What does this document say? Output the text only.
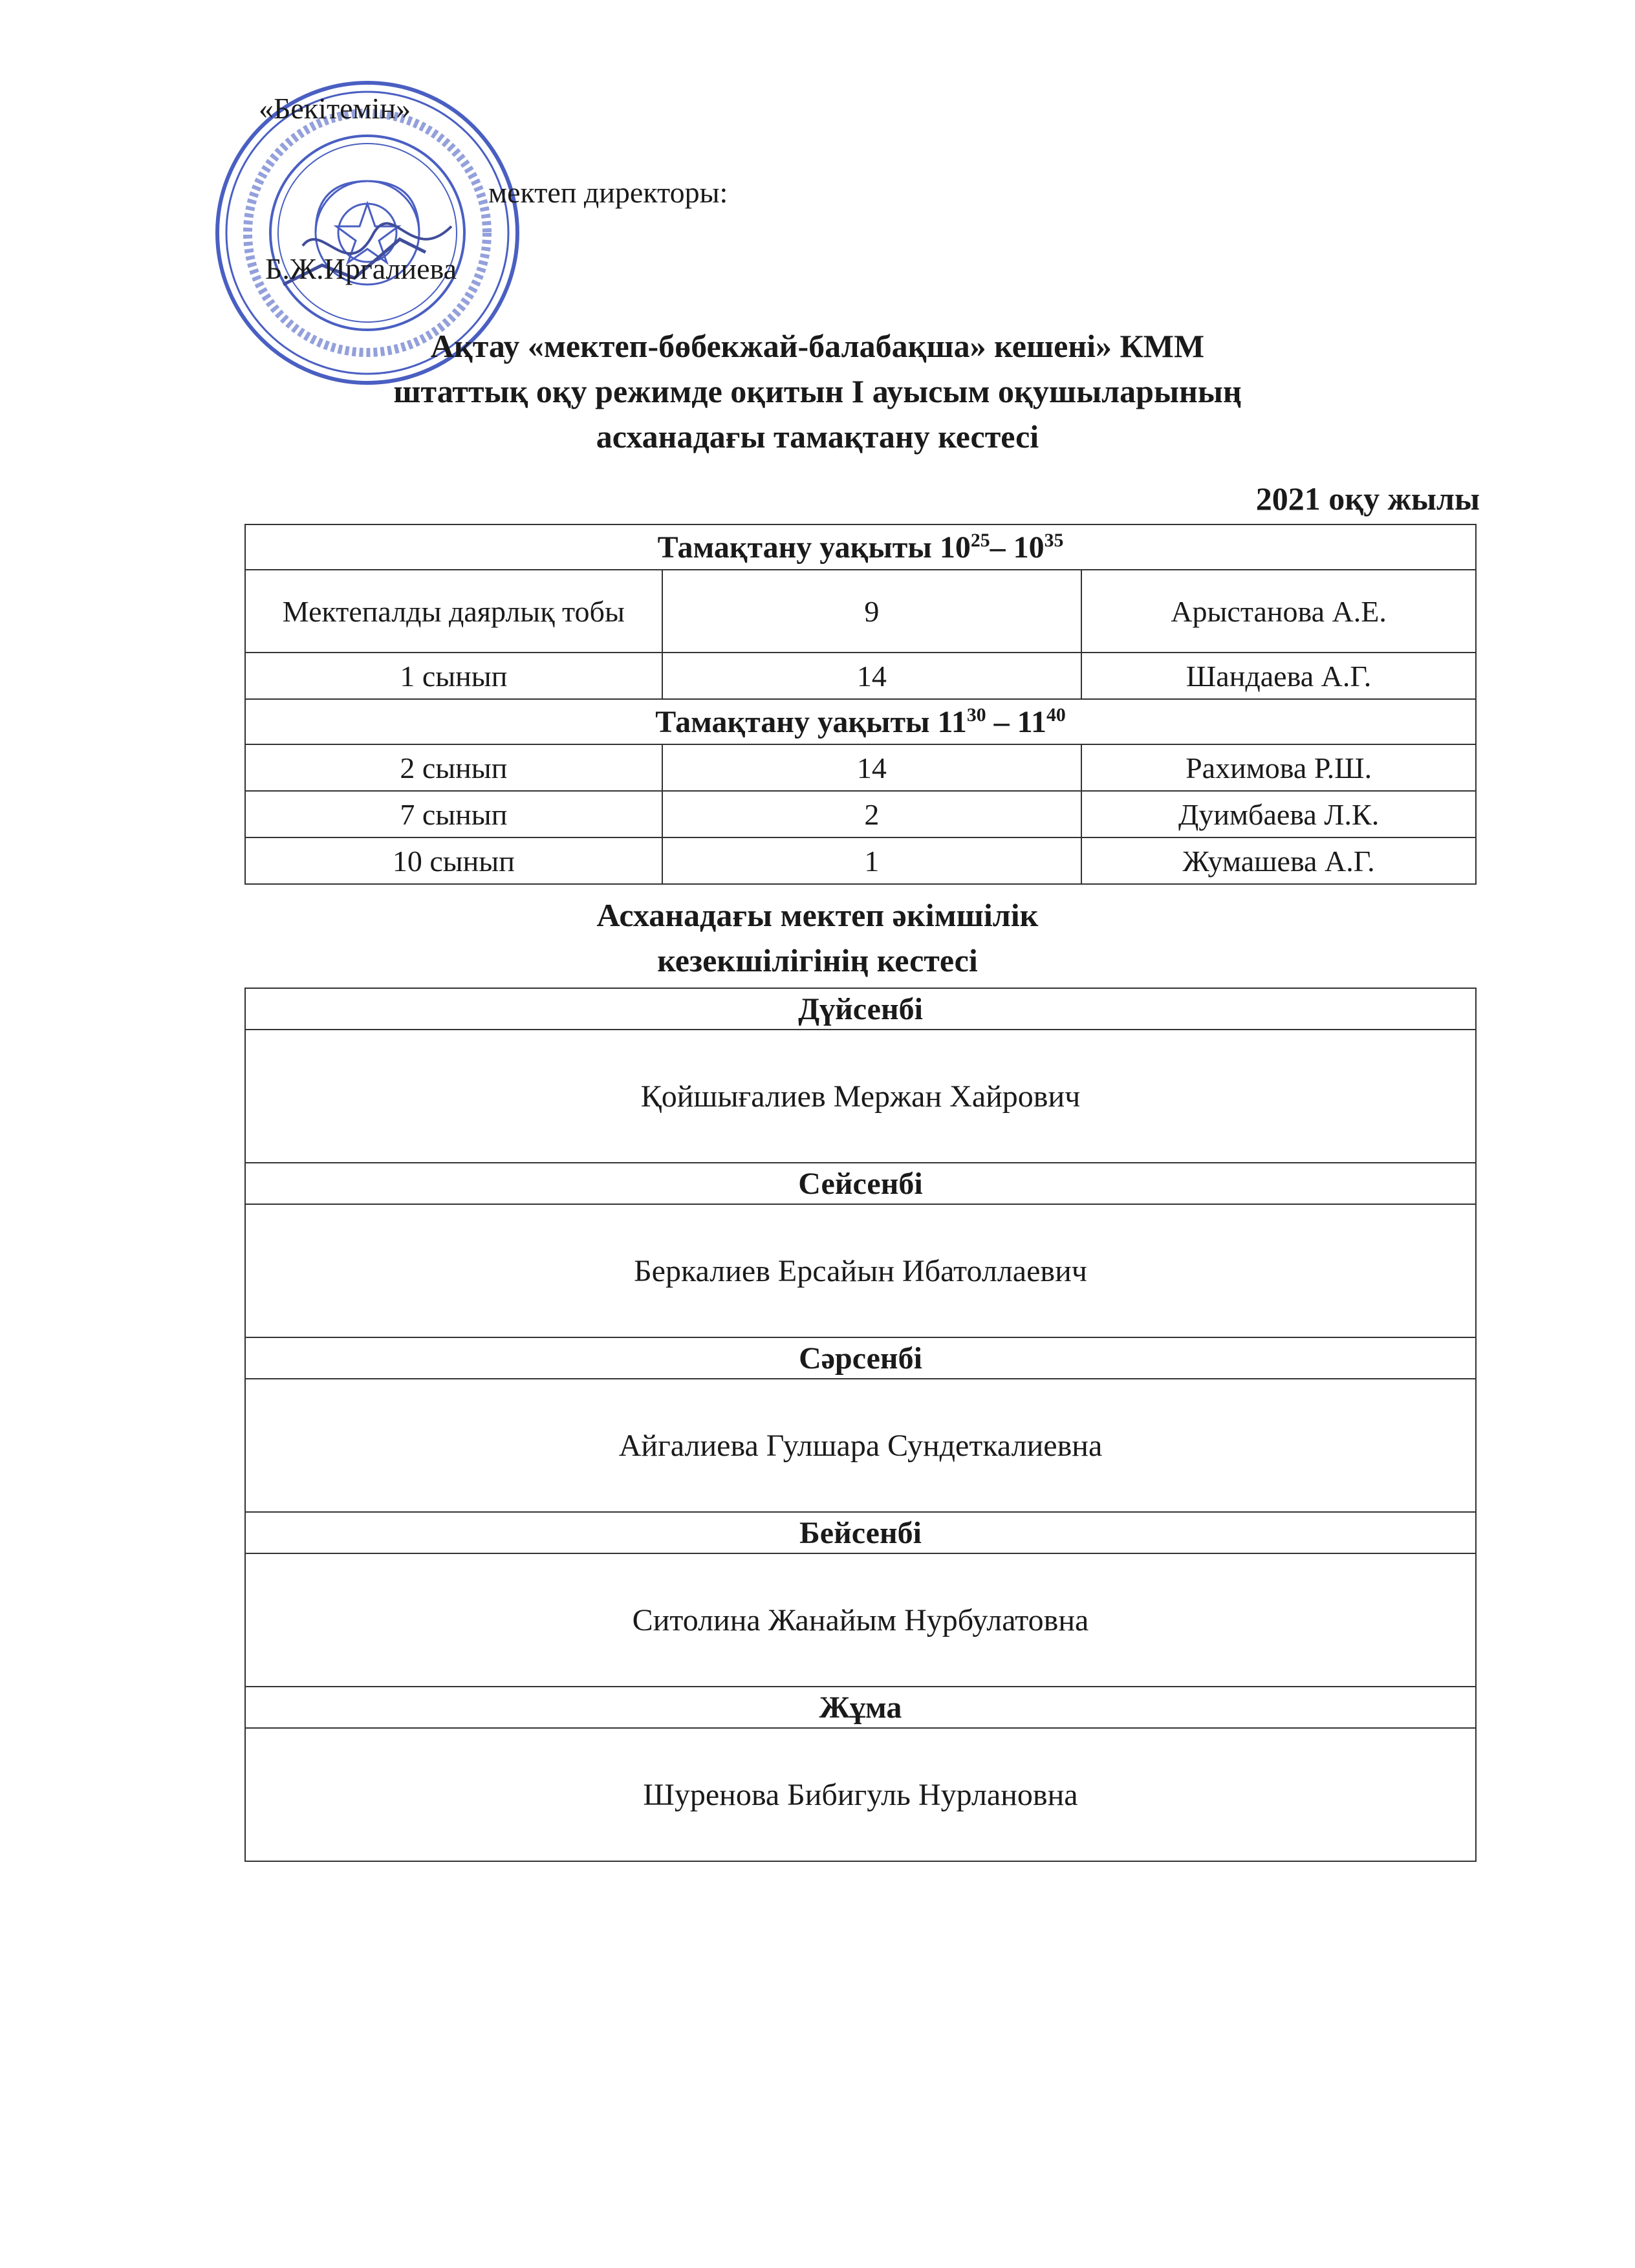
«Бекітемін»
мектеп директоры:
Б.Ж.Иргалиева
Ақтау «мектеп-бөбекжай-балабақша» кешені» КММ
штаттық оқу режимде оқитын І ауысым оқушыларының
асханадағы тамақтану кестесі
2021 оқу жылы
Тамақтану уақыты $10^{25}-$ $10^{35}$
Мектепалды даярлық тобы	9	Арыстанова А.Е.
1 сынып	14	Шандаева А.Г.
Тамақтану уақыты $11^{30} - 11^{40}$
2 сынып	14	Рахимова Р.Ш.
7 сынып	2	Дуимбаева Л.К.
10 сынып	1	Жумашева А.Г.
Асханадағы мектеп әкімшілік
кезекшілігінің кестесі
Дүйсенбі
Қойшығалиев Мержан Хайрович
Сейсенбі
Беркалиев Ерсайын Ибатоллаевич
Сәрсенбі
Айгалиева Гулшара Сундеткалиевна
Бейсенбі
Ситолина Жанайым Нурбулатовна
Жұма
Шуренова Бибигуль Нурлановна
